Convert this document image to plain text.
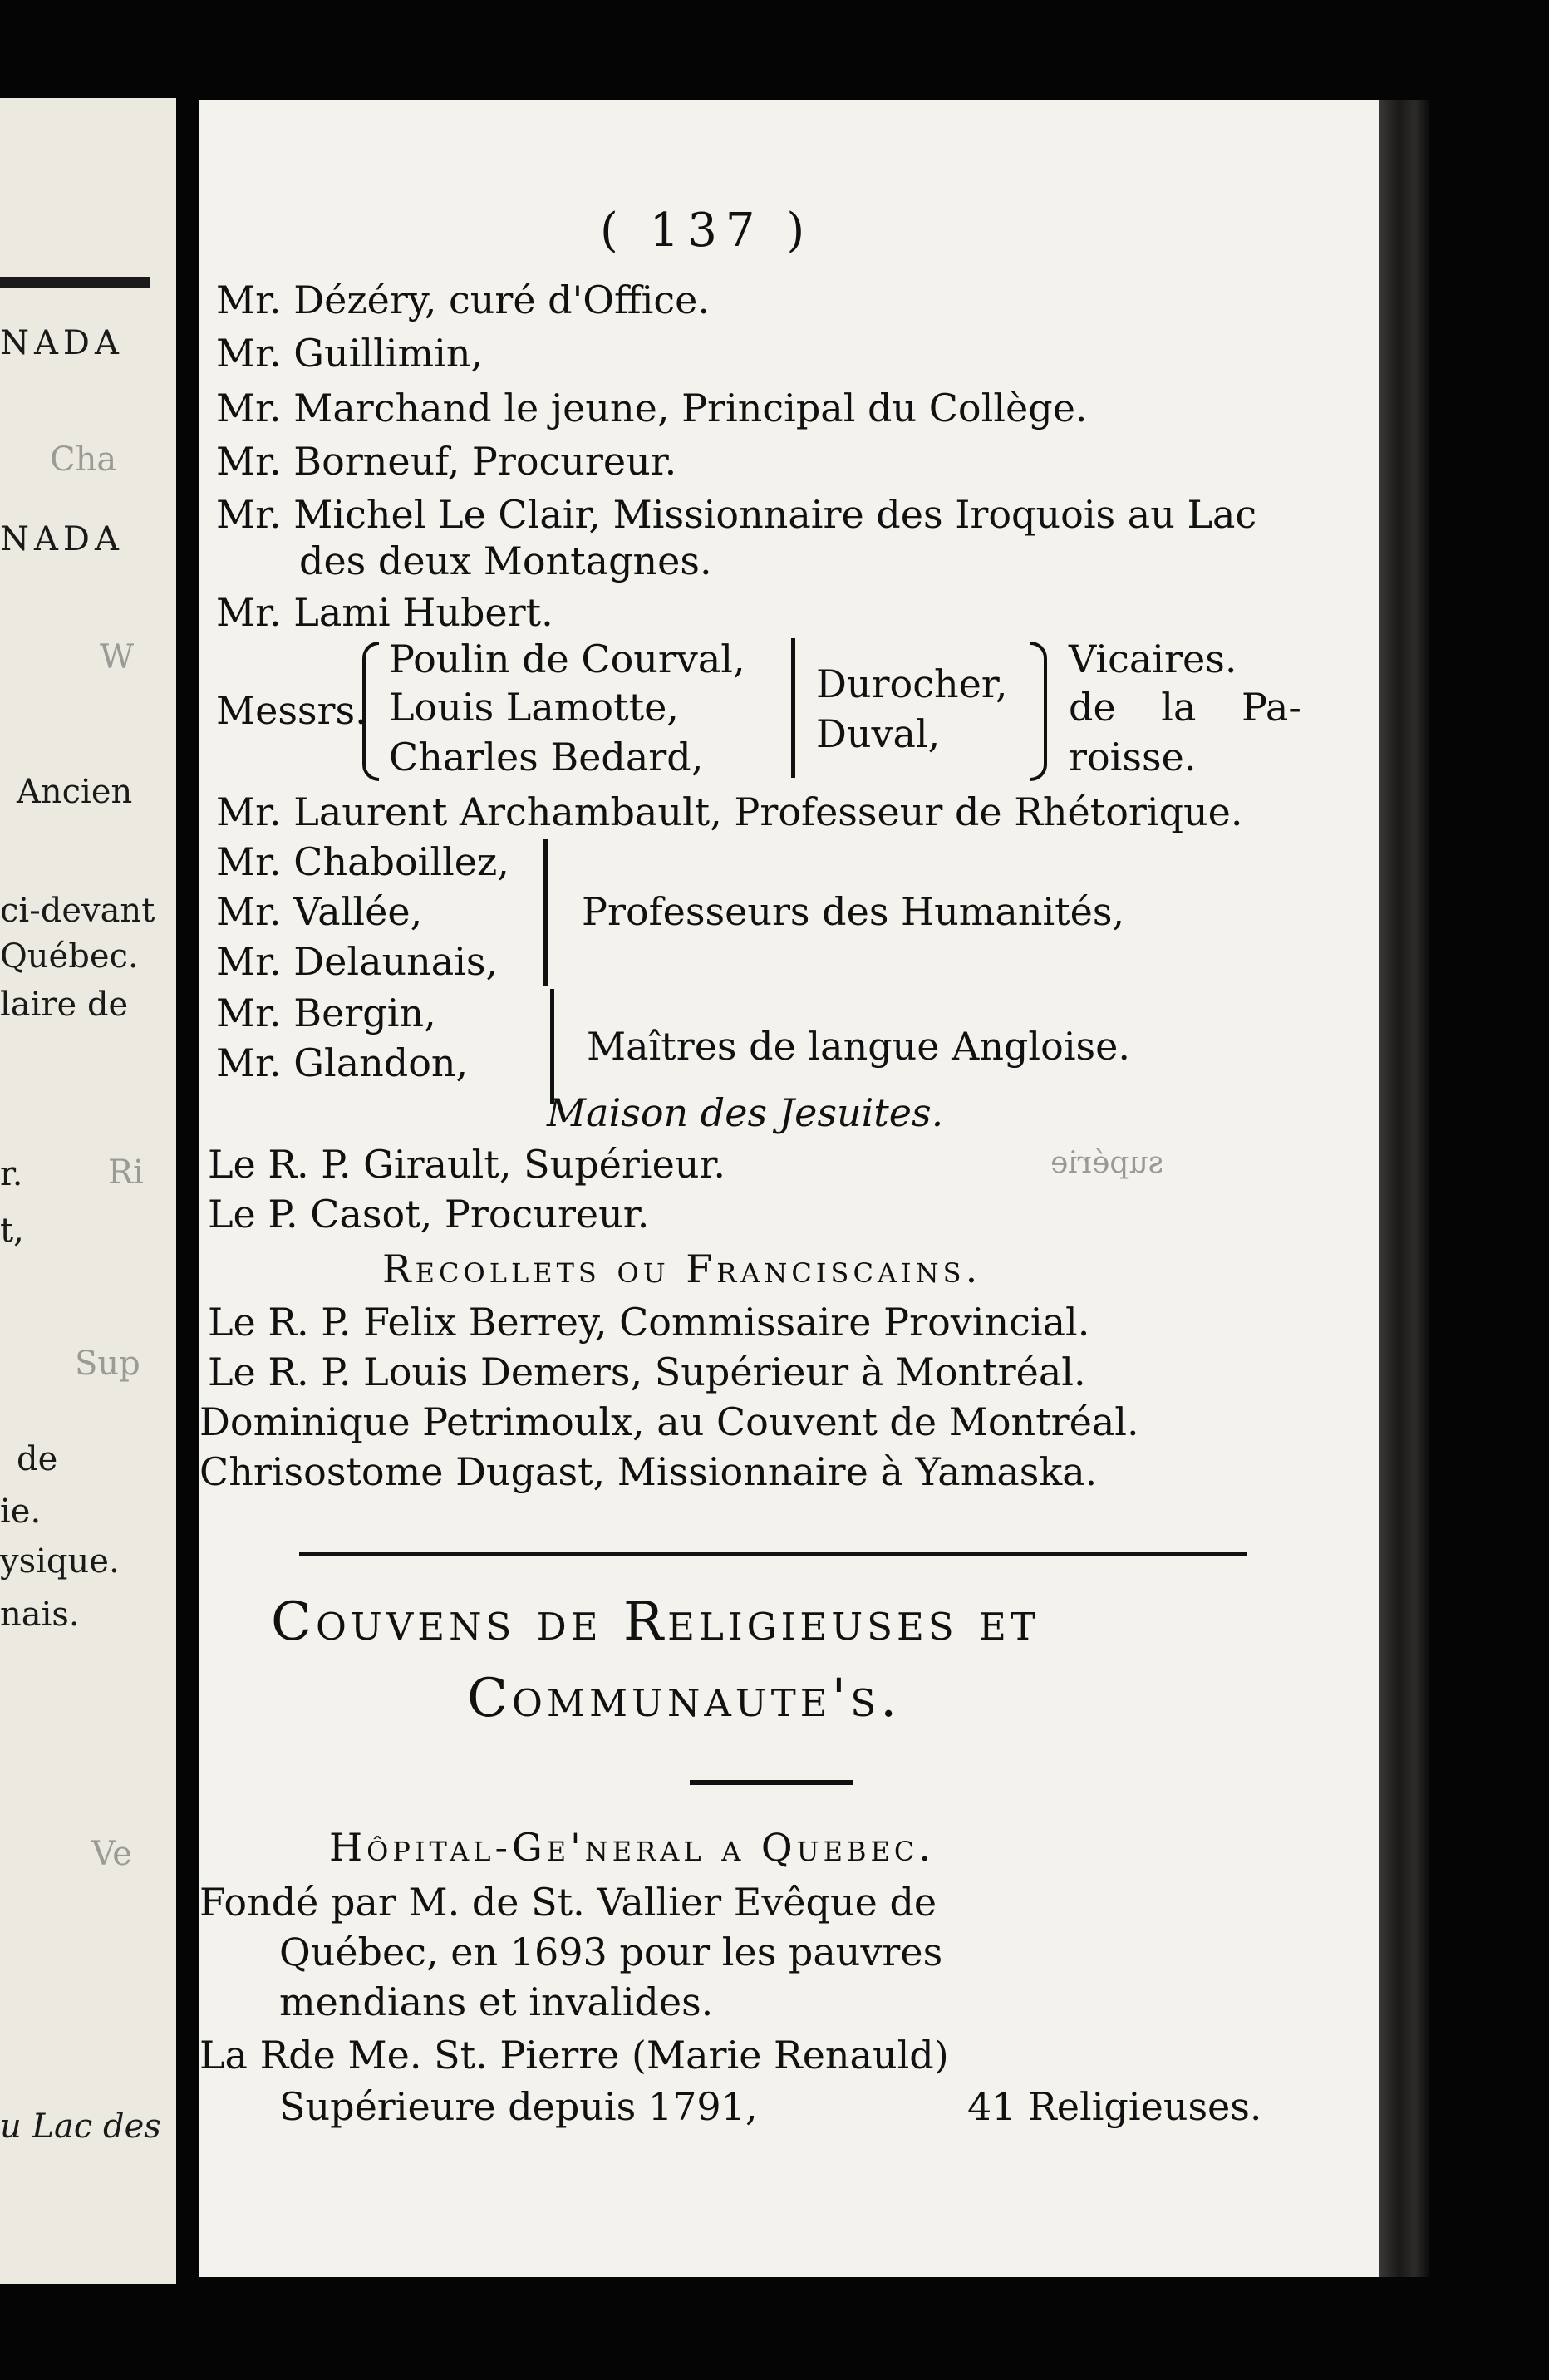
NADA
Cha
NADA
W
Ancien
ci-devant
Québec.
laire de
Ri
r.
t,
Sup
de
ie.
ysique.
nais.
Ve
u Lac des
( 137 )
Mr. Dézéry, curé d'Office.
Mr. Guillimin,
Mr. Marchand le jeune, Principal du Collège.
Mr. Borneuf, Procureur.
Mr. Michel Le Clair, Missionnaire des Iroquois au Lac
des deux Montagnes.
Mr. Lami Hubert.
Messrs.
Poulin de Courval,
Louis Lamotte,
Charles Bedard,
Durocher,
Duval,
Vicaires.
de la Pa-
roisse.
Mr. Laurent Archambault, Professeur de Rhétorique.
Mr. Chaboillez,
Mr. Vallée,
Mr. Delaunais,
Professeurs des Humanités,
Mr. Bergin,
Mr. Glandon,	Maîtres de langue Angloise.
Maison des Jesuites.
Le R. P. Girault, Supérieur.
Le P. Casot, Procureur.
supérie
Recollets ou Franciscains.
Le R. P. Felix Berrey, Commissaire Provincial.
Le R. P. Louis Demers, Supérieur à Montréal.
Dominique Petrimoulx, au Couvent de Montréal.
Chrisostome Dugast, Missionnaire à Yamaska.
Couvens de Religieuses et
Communaute's.
Hôpital-Ge'neral a Quebec.
Fondé par M. de St. Vallier Evêque de
Québec, en 1693 pour les pauvres
mendians et invalides.
La Rde Me. St. Pierre (Marie Renauld)
Supérieure depuis 1791,	41 Religieuses.
